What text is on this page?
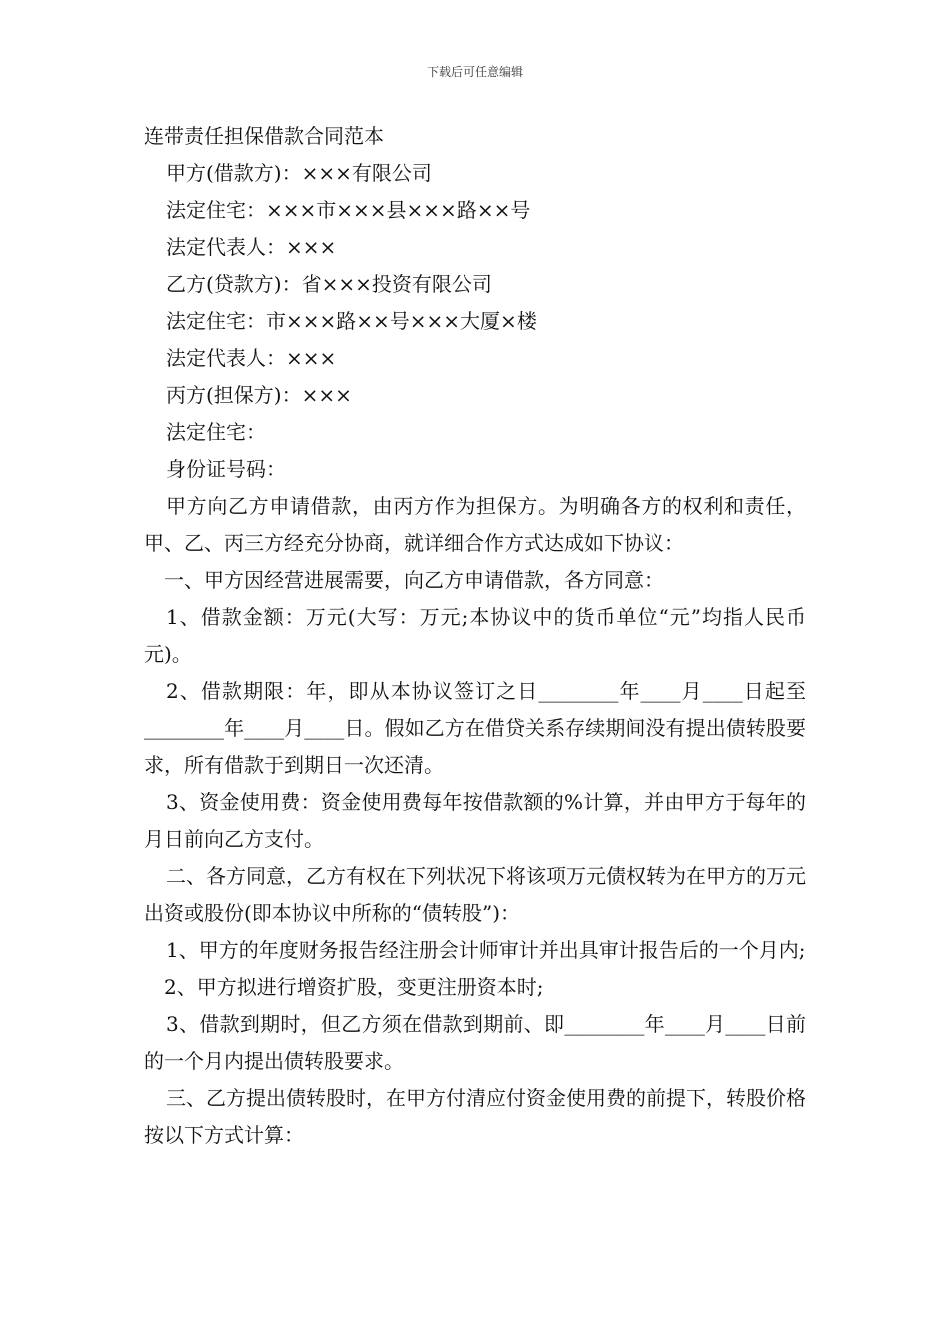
下载后可任意编辑

连带责任担保借款合同范本

甲方(借款方)：×××有限公司

法定住宅：×××市×××县×××路××号

法定代表人：×××

乙方(贷款方)：省×××投资有限公司

法定住宅：市×××路××号×××大厦×楼

法定代表人：×××

丙方(担保方)：×××

法定住宅：

身份证号码：

甲方向乙方申请借款，由丙方作为担保方。为明确各方的权利和责任，甲、乙、丙三方经充分协商，就详细合作方式达成如下协议：

一、甲方因经营进展需要，向乙方申请借款，各方同意：

1、借款金额：万元(大写：万元;本协议中的货币单位“元”均指人民币元)。

2、借款期限：年，即从本协议签订之日________年____月____日起至________年____月____日。假如乙方在借贷关系存续期间没有提出债转股要求，所有借款于到期日一次还清。

3、资金使用费：资金使用费每年按借款额的%计算，并由甲方于每年的月日前向乙方支付。

二、各方同意，乙方有权在下列状况下将该项万元债权转为在甲方的万元出资或股份(即本协议中所称的“债转股”)：

1、甲方的年度财务报告经注册会计师审计并出具审计报告后的一个月内;

2、甲方拟进行增资扩股，变更注册资本时;

3、借款到期时，但乙方须在借款到期前、即________年____月____日前的一个月内提出债转股要求。

三、乙方提出债转股时，在甲方付清应付资金使用费的前提下，转股价格按以下方式计算：
